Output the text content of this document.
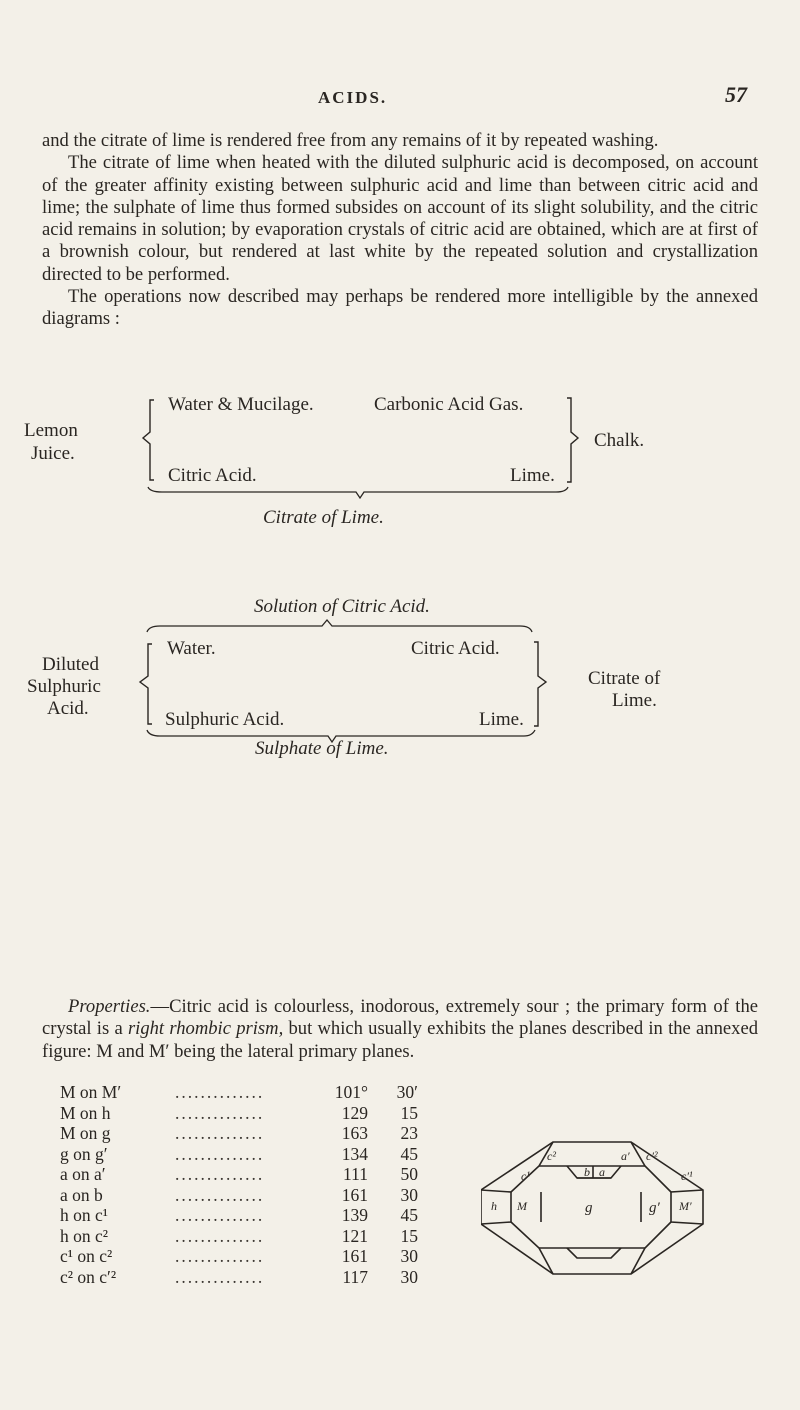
ACIDS.	57

and the citrate of lime is rendered free from any remains of it by repeated washing.

The citrate of lime when heated with the diluted sulphuric acid is decomposed, on account of the greater affinity existing between sulphuric acid and lime than between citric acid and lime; the sulphate of lime thus formed subsides on account of its slight solubility, and the citric acid remains in solution; by evaporation crystals of citric acid are obtained, which are at first of a brownish colour, but rendered at last white by the repeated solution and crystallization directed to be performed.

The operations now described may perhaps be rendered more intelligible by the annexed diagrams :

Lemon
Juice.
Water & Mucilage.	Carbonic Acid Gas.
Citric Acid.	Lime.
Chalk.
Citrate of Lime.
Solution of Citric Acid.
Diluted
Sulphuric
Acid.
Water.	Citric Acid.
Sulphuric Acid.	Lime.
Citrate of
Lime.
Sulphate of Lime.

Properties.—Citric acid is colourless, inodorous, extremely sour ; the primary form of the crystal is a right rhombic prism, but which usually exhibits the planes described in the annexed figure: M and M′ being the lateral primary planes.

M on M′	..............	101°	30′
M on h	..............	129	15
M on g	..............	163	23
g on g′	..............	134	45
a on a′	..............	111	50
a on b	..............	161	30
h on c¹	..............	139	45
h on c²	..............	121	15
c¹ on c²	..............	161	30
c² on c′²	..............	117	30
c¹
c²
b a
a′ c′²
c′¹
h M	g	g′ M′
